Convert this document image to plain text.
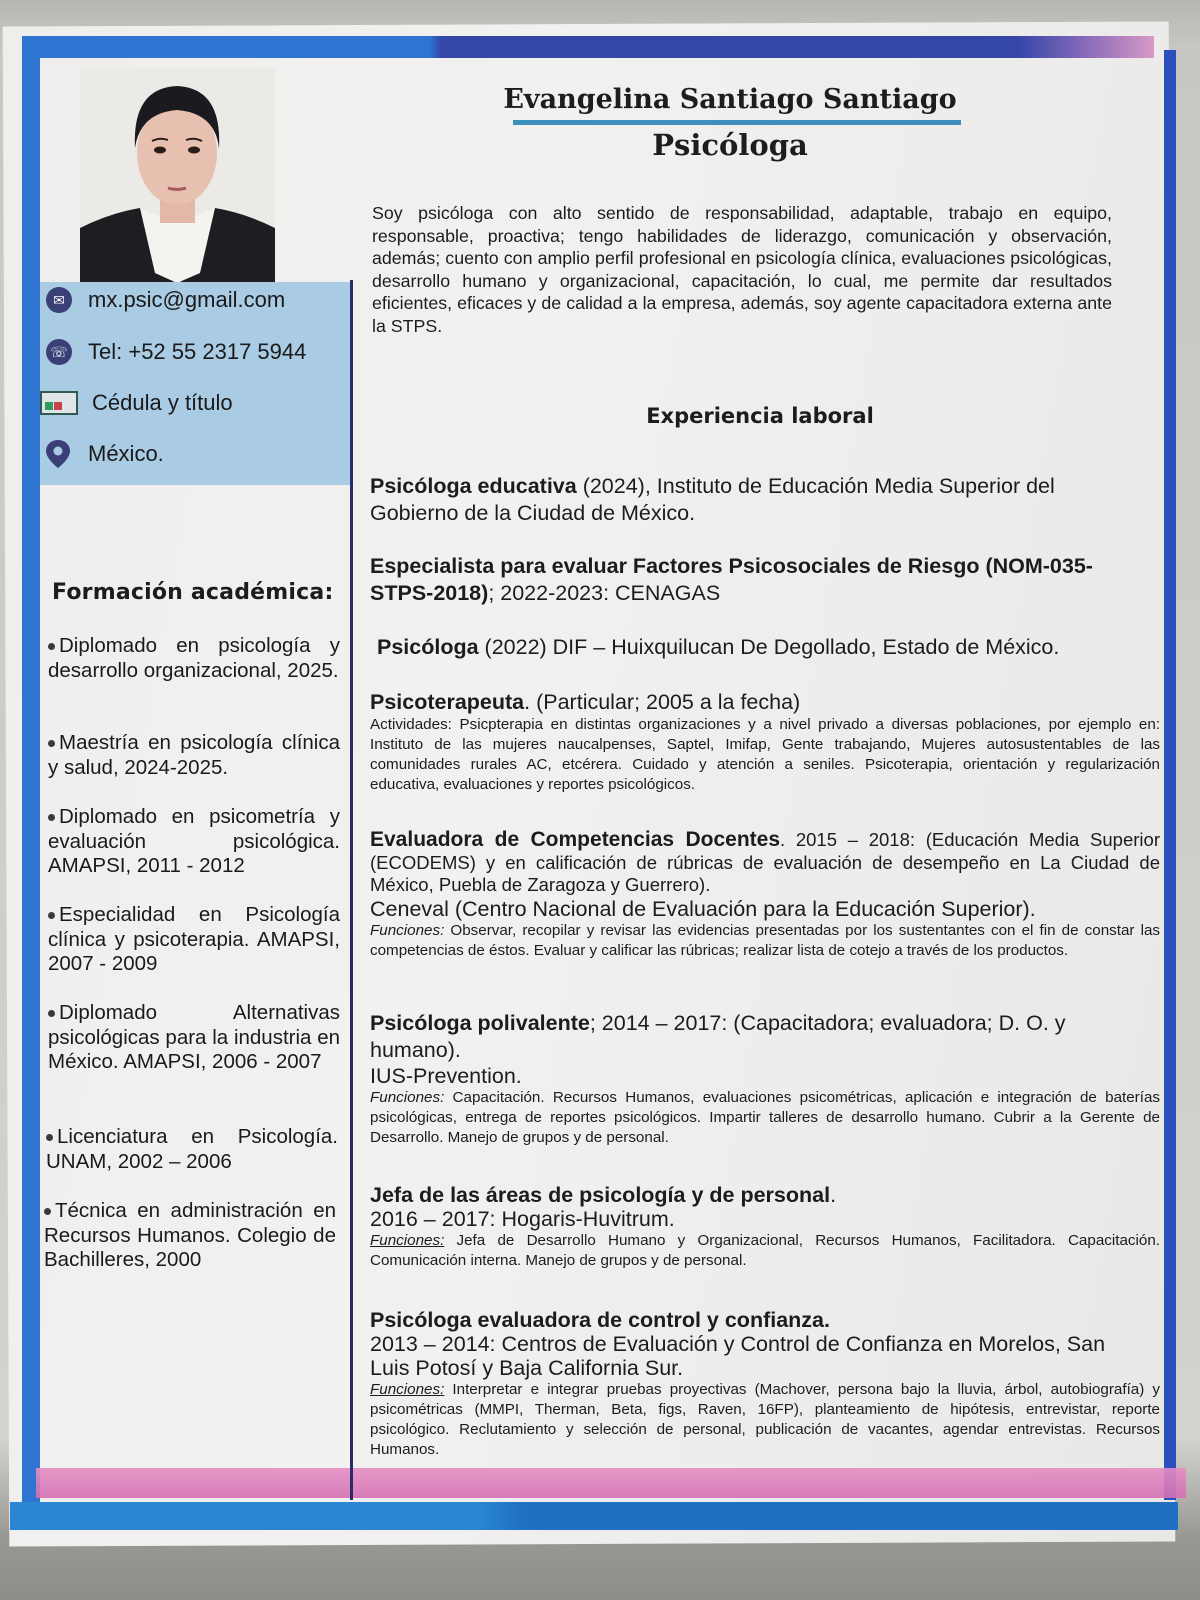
✉	mx.psic@gmail.com
☏ Tel: +52 55 2317 5944
Cédula y título
México.
Formación académica:
Diplomado en psicología y desarrollo organizacional, 2025.
Maestría en psicología clínica y salud, 2024-2025.
Diplomado en psicometría y evaluación psicológica. AMAPSI, 2011 - 2012
Especialidad en Psicología clínica y psicoterapia. AMAPSI, 2007 - 2009
Diplomado Alternativas psicológicas para la industria en México. AMAPSI, 2006 - 2007
Licenciatura en Psicología. UNAM, 2002 – 2006
Técnica en administración en Recursos Humanos. Colegio de Bachilleres, 2000
Evangelina Santiago Santiago
Psicóloga
Soy psicóloga con alto sentido de responsabilidad, adaptable, trabajo en equipo, responsable, proactiva; tengo habilidades de liderazgo, comunicación y observación, además; cuento con amplio perfil profesional en psicología clínica, evaluaciones psicológicas, desarrollo humano y organizacional, capacitación, lo cual, me permite dar resultados eficientes, eficaces y de calidad a la empresa, además, soy agente capacitadora externa ante la STPS.
Experiencia laboral
Psicóloga educativa (2024), Instituto de Educación Media Superior del Gobierno de la Ciudad de México.
Especialista para evaluar Factores Psicosociales de Riesgo (NOM-035-STPS-2018); 2022-2023: CENAGAS
Psicóloga (2022) DIF – Huixquilucan De Degollado, Estado de México.
Psicoterapeuta. (Particular; 2005 a la fecha)
Actividades: Psicpterapia en distintas organizaciones y a nivel privado a diversas poblaciones, por ejemplo en: Instituto de las mujeres naucalpenses, Saptel, Imifap, Gente trabajando, Mujeres autosustentables de las comunidades rurales AC, etcérera. Cuidado y atención a seniles. Psicoterapia, orientación y regularización educativa, evaluaciones y reportes psicológicos.
Evaluadora de Competencias Docentes. 2015 – 2018: (Educación Media Superior (ECODEMS) y en calificación de rúbricas de evaluación de desempeño en La Ciudad de México, Puebla de Zaragoza y Guerrero).
Ceneval (Centro Nacional de Evaluación para la Educación Superior).
Funciones: Observar, recopilar y revisar las evidencias presentadas por los sustentantes con el fin de constar las competencias de éstos. Evaluar y calificar las rúbricas; realizar lista de cotejo a través de los productos.
Psicóloga polivalente; 2014 – 2017: (Capacitadora; evaluadora; D. O. y humano).
IUS-Prevention.
Funciones: Capacitación. Recursos Humanos, evaluaciones psicométricas, aplicación e integración de baterías psicológicas, entrega de reportes psicológicos. Impartir talleres de desarrollo humano. Cubrir a la Gerente de Desarrollo. Manejo de grupos y de personal.
Jefa de las áreas de psicología y de personal.
2016 – 2017: Hogaris-Huvitrum.
Funciones: Jefa de Desarrollo Humano y Organizacional, Recursos Humanos, Facilitadora. Capacitación. Comunicación interna. Manejo de grupos y de personal.
Psicóloga evaluadora de control y confianza.
2013 – 2014: Centros de Evaluación y Control de Confianza en Morelos, San Luis Potosí y Baja California Sur.
Funciones: Interpretar e integrar pruebas proyectivas (Machover, persona bajo la lluvia, árbol, autobiografía) y psicométricas (MMPI, Therman, Beta, figs, Raven, 16FP), planteamiento de hipótesis, entrevistar, reporte psicológico. Reclutamiento y selección de personal, publicación de vacantes, agendar entrevistas. Recursos Humanos.
